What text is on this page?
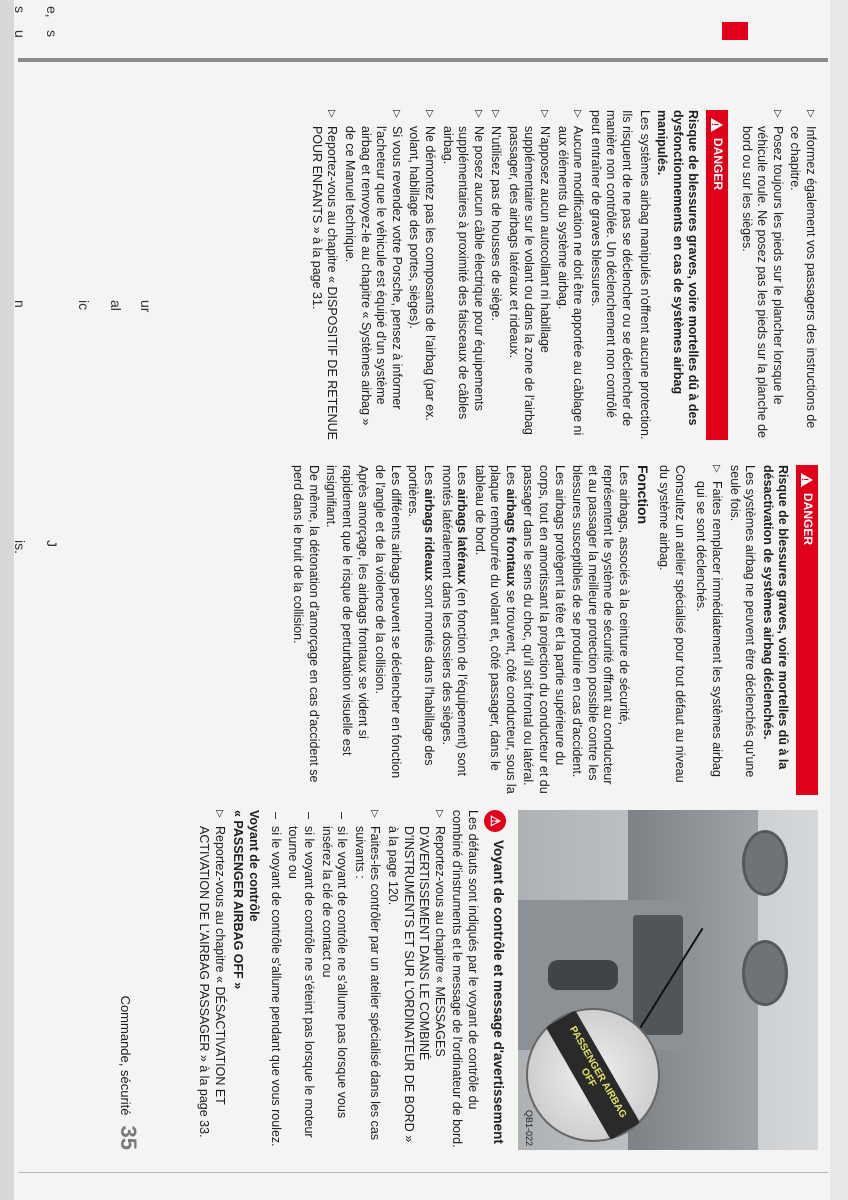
s
u
n
e,
s
ic al ur
J
is.
▷ Informez également vos passagers des instructions de ce chapitre.
▷ Posez toujours les pieds sur le plancher lorsque le véhicule roule. Ne posez pas les pieds sur la planche de bord ou sur les sièges.
!
DANGER

Risque de blessures graves, voire mortelles dû à des dysfonctionnements en cas de systèmes airbag manipulés.

Les systèmes airbag manipulés n'offrent aucune protection.

Ils risquent de ne pas se déclencher ou se déclencher de manière non contrôlée. Un déclenchement non contrôlé peut entraîner de graves blessures.

▷ Aucune modification ne doit être apportée au câblage ni aux éléments du système airbag.
▷ N'apposez aucun autocollant ni habillage supplémentaire sur le volant ou dans la zone de l'airbag passager, des airbags latéraux et rideaux.
▷ N'utilisez pas de housses de siège.
▷ Ne posez aucun câble électrique pour équipements supplémentaires à proximité des faisceaux de câbles airbag.
▷ Ne démontez pas les composants de l'airbag (par ex. volant, habillage des portes, sièges).
▷ Si vous revendez votre Porsche, pensez à informer l'acheteur que le véhicule est équipé d'un système airbag et renvoyez-le au chapitre « Systèmes airbag » de ce Manuel technique.
▷ Reportez-vous au chapitre « DISPOSITIF DE RETENUE POUR ENFANTS » à la page 31.
!
DANGER

Risque de blessures graves, voire mortelles dû à la désactivation de systèmes airbag déclenchés.

Les systèmes airbag ne peuvent être déclenchés qu'une seule fois.

▷ Faites remplacer immédiatement les systèmes airbag qui se sont déclenchés.

Consultez un atelier spécialisé pour tout défaut au niveau du système airbag.

Fonction

Les airbags, associés à la ceinture de sécurité, représentent le système de sécurité offrant au conducteur et au passager la meilleure protection possible contre les blessures susceptibles de se produire en cas d'accident.

Les airbags protègent la tête et la partie supérieure du corps, tout en amortissant la projection du conducteur et du passager dans le sens du choc, qu'il soit frontal ou latéral.

Les airbags frontaux se trouvent, côté conducteur, sous la plaque rembourrée du volant et, côté passager, dans le tableau de bord.

Les airbags latéraux (en fonction de l'équipement) sont montés latéralement dans les dossiers des sièges.

Les airbags rideaux sont montés dans l'habillage des portières.

Les différents airbags peuvent se déclencher en fonction de l'angle et de la violence de la collision.

Après amorçage, les airbags frontaux se vident si rapidement que le risque de perturbation visuelle est insignifiant.

De même, la détonation d'amorçage en cas d'accident se perd dans le bruit de la collision.

PASSENGER AIRBAG OFF
QB1-022
⚠
Voyant de contrôle et message d'avertissement

Les défauts sont indiqués par le voyant de contrôle du combiné d'instruments et le message de l'ordinateur de bord.

▷ Reportez-vous au chapitre « MESSAGES D'AVERTISSEMENT DANS LE COMBINÉ D'INSTRUMENTS ET SUR L'ORDINATEUR DE BORD » à la page 120.
▷ Faites-les contrôler par un atelier spécialisé dans les cas suivants :
– si le voyant de contrôle ne s'allume pas lorsque vous insérez la clé de contact ou
– si le voyant de contrôle ne s'éteint pas lorsque le moteur tourne ou
– si le voyant de contrôle s'allume pendant que vous roulez.

Voyant de contrôle

« PASSENGER AIRBAG OFF »

▷ Reportez-vous au chapitre « DÉSACTIVATION ET ACTIVATION DE L'AIRBAG PASSAGER » à la page 33.
Commande, sécurité
35
